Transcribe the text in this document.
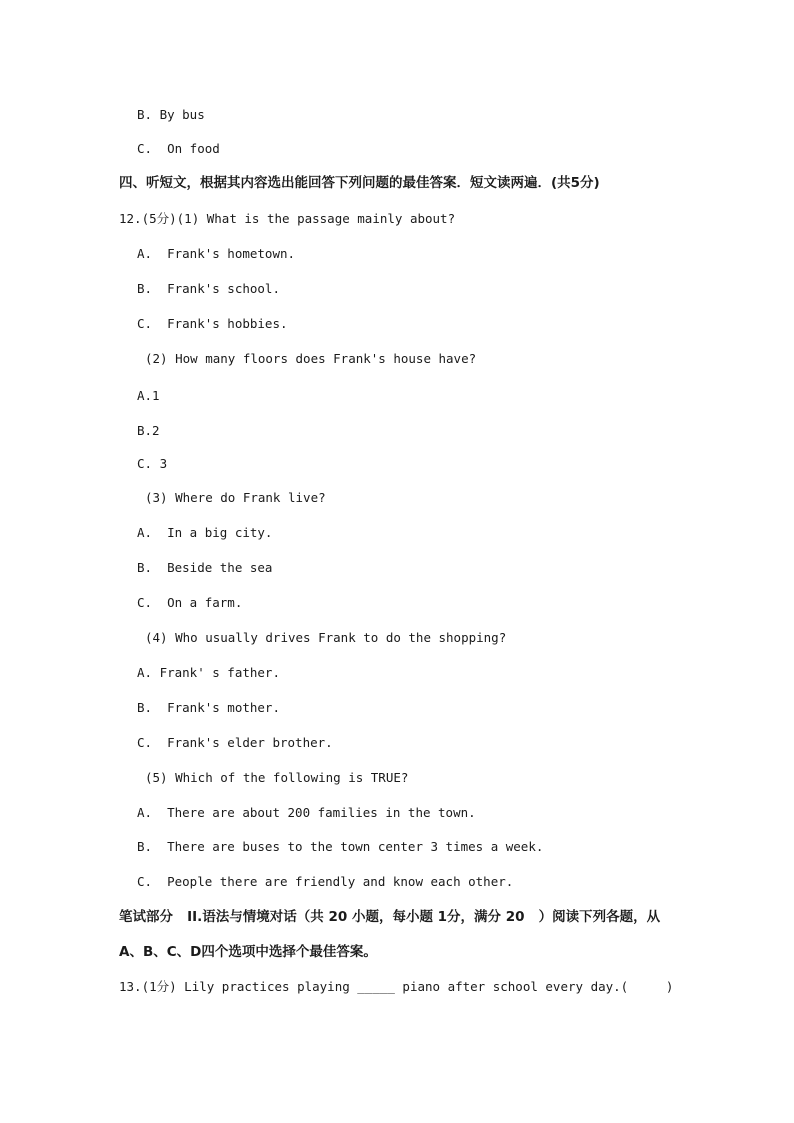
B. By bus
C.  On food
四、听短文，根据其内容选出能回答下列问题的最佳答案．短文读两遍．(共5分)
12.(5分)(1) What is the passage mainly about?
A.  Frank's hometown.
B.  Frank's school.
C.  Frank's hobbies.
(2) How many floors does Frank's house have?
A.1
B.2
C. 3
(3) Where do Frank live?
A.  In a big city.
B.  Beside the sea
C.  On a farm.
(4) Who usually drives Frank to do the shopping?
A. Frank' s father.
B.  Frank's mother.
C.  Frank's elder brother.
(5) Which of the following is TRUE?
A.  There are about 200 families in the town.
B.  There are buses to the town center 3 times a week.
C.  People there are friendly and know each other.
笔试部分   II.语法与情境对话（共 20 小题，每小题 1分，满分 20   ）阅读下列各题，从
A、B、C、D四个选项中选择个最佳答案。
13.(1分) Lily practices playing _____ piano after school every day.(     )
